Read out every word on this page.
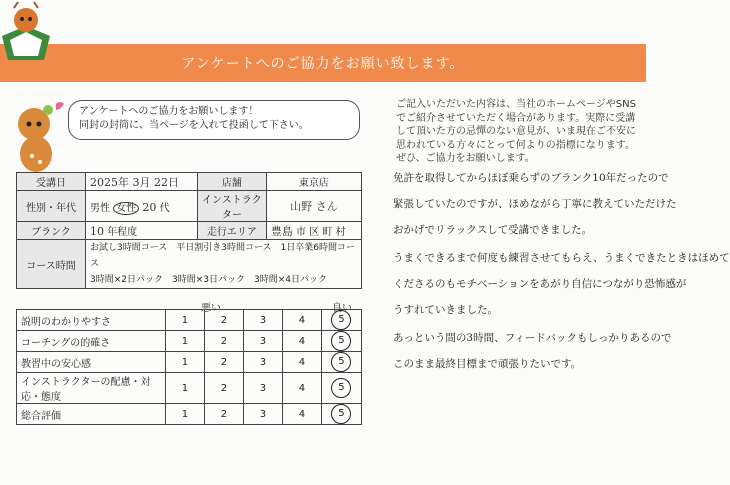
アンケートへのご協力をお願い致します。
アンケートへのご協力をお願いします！
同封の封筒に、当ページを入れて投函して下さい。
ご記入いただいた内容は、当社のホームページやSNSでご紹介させていただく場合があります。実際に受講して頂いた方の忌憚のない意見が、いま現在ご不安に思われている方々にとって何よりの指標になります。ぜひ、ご協力をお願いします。
受講日	2025年 3月 22日	店舗	東京店
性別・年代	男性 女性 20 代	インストラクター	山野 さん
ブランク	10 年程度	走行エリア	豊島 市 区 町 村
コース時間	お試し3時間コース　平日割引き3時間コース　1日卒業6時間コース
3時間×2日パック　3時間×3日パック　3時間×4日パック		
悪い	良い
説明のわかりやすさ	1	2	3	4	5
コーチングの的確さ	1	2	3	4	5
教習中の安心感	1	2	3	4	5
インストラクターの配慮・対応・態度	1	2	3	4	5
総合評価	1	2	3	4	5
免許を取得してからほぼ乗らずのブランク10年だったので
緊張していたのですが、ほめながら丁寧に教えていただけた
おかげでリラックスして受講できました。
うまくできるまで何度も練習させてもらえ、うまくできたときはほめて
くださるのもモチベーションをあがり自信につながり恐怖感が
うすれていきました。
あっという間の3時間、フィードバックもしっかりあるので
このまま最終目標まで頑張りたいです。
